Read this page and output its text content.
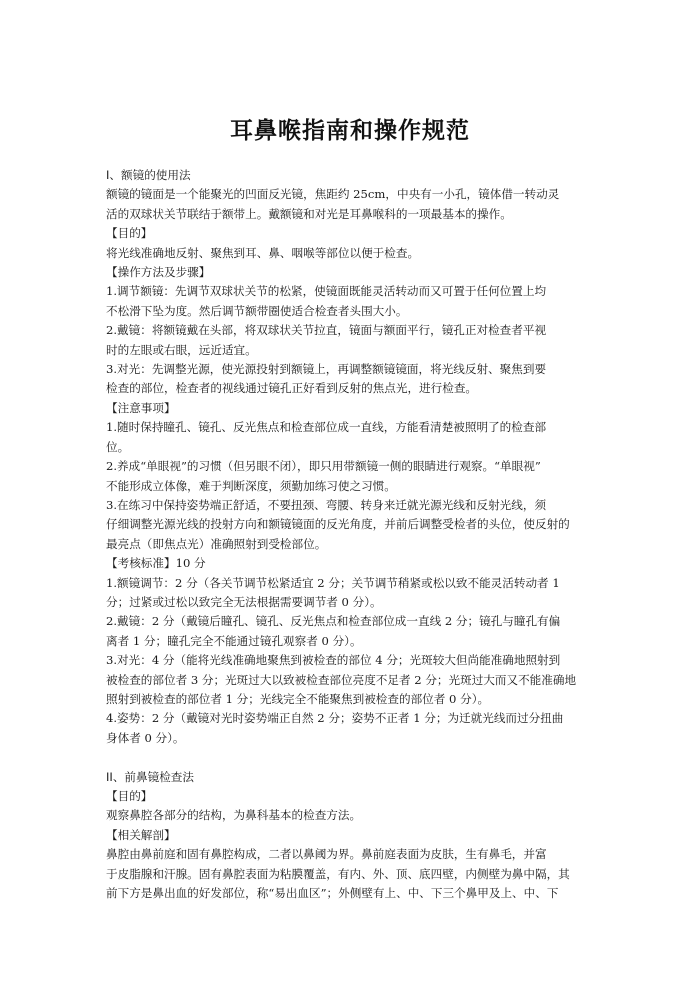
耳鼻喉指南和操作规范

I、额镜的使用法

额镜的镜面是一个能聚光的凹面反光镜，焦距约 25cm，中央有一小孔，镜体借一转动灵

活的双球状关节联结于额带上。戴额镜和对光是耳鼻喉科的一项最基本的操作。

【目的】

将光线准确地反射、聚焦到耳、鼻、咽喉等部位以便于检查。

【操作方法及步骤】

1.调节额镜：先调节双球状关节的松紧，使镜面既能灵活转动而又可置于任何位置上均

不松滑下坠为度。然后调节额带圈使适合检查者头围大小。

2.戴镜：将额镜戴在头部，将双球状关节拉直，镜面与额面平行，镜孔正对检查者平视

时的左眼或右眼，远近适宜。

3.对光：先调整光源，使光源投射到额镜上，再调整额镜镜面，将光线反射、聚焦到要

检查的部位，检查者的视线通过镜孔正好看到反射的焦点光，进行检查。

【注意事项】

1.随时保持瞳孔、镜孔、反光焦点和检查部位成一直线，方能看清楚被照明了的检查部

位。

2.养成“单眼视”的习惯（但另眼不闭），即只用带额镜一侧的眼睛进行观察。“单眼视”

不能形成立体像，难于判断深度，须勤加练习使之习惯。

3.在练习中保持姿势端正舒适，不要扭颈、弯腰、转身来迁就光源光线和反射光线，须

仔细调整光源光线的投射方向和额镜镜面的反光角度，并前后调整受检者的头位，使反射的

最亮点（即焦点光）准确照射到受检部位。

【考核标准】10 分

1.额镜调节：2 分（各关节调节松紧适宜 2 分；关节调节稍紧或松以致不能灵活转动者 1

分；过紧或过松以致完全无法根据需要调节者 0 分）。

2.戴镜：2 分（戴镜后瞳孔、镜孔、反光焦点和检查部位成一直线 2 分；镜孔与瞳孔有偏

离者 1 分；瞳孔完全不能通过镜孔观察者 0 分）。

3.对光：4 分（能将光线准确地聚焦到被检查的部位 4 分；光斑较大但尚能准确地照射到

被检查的部位者 3 分；光斑过大以致被检查部位亮度不足者 2 分；光斑过大而又不能准确地

照射到被检查的部位者 1 分；光线完全不能聚焦到被检查的部位者 0 分）。

4.姿势：2 分（戴镜对光时姿势端正自然 2 分；姿势不正者 1 分；为迁就光线而过分扭曲

身体者 0 分）。

II、前鼻镜检查法

【目的】

观察鼻腔各部分的结构，为鼻科基本的检查方法。

【相关解剖】

鼻腔由鼻前庭和固有鼻腔构成，二者以鼻阈为界。鼻前庭表面为皮肤，生有鼻毛，并富

于皮脂腺和汗腺。固有鼻腔表面为粘膜覆盖，有内、外、顶、底四壁，内侧壁为鼻中隔，其

前下方是鼻出血的好发部位，称“易出血区”；外侧壁有上、中、下三个鼻甲及上、中、下
